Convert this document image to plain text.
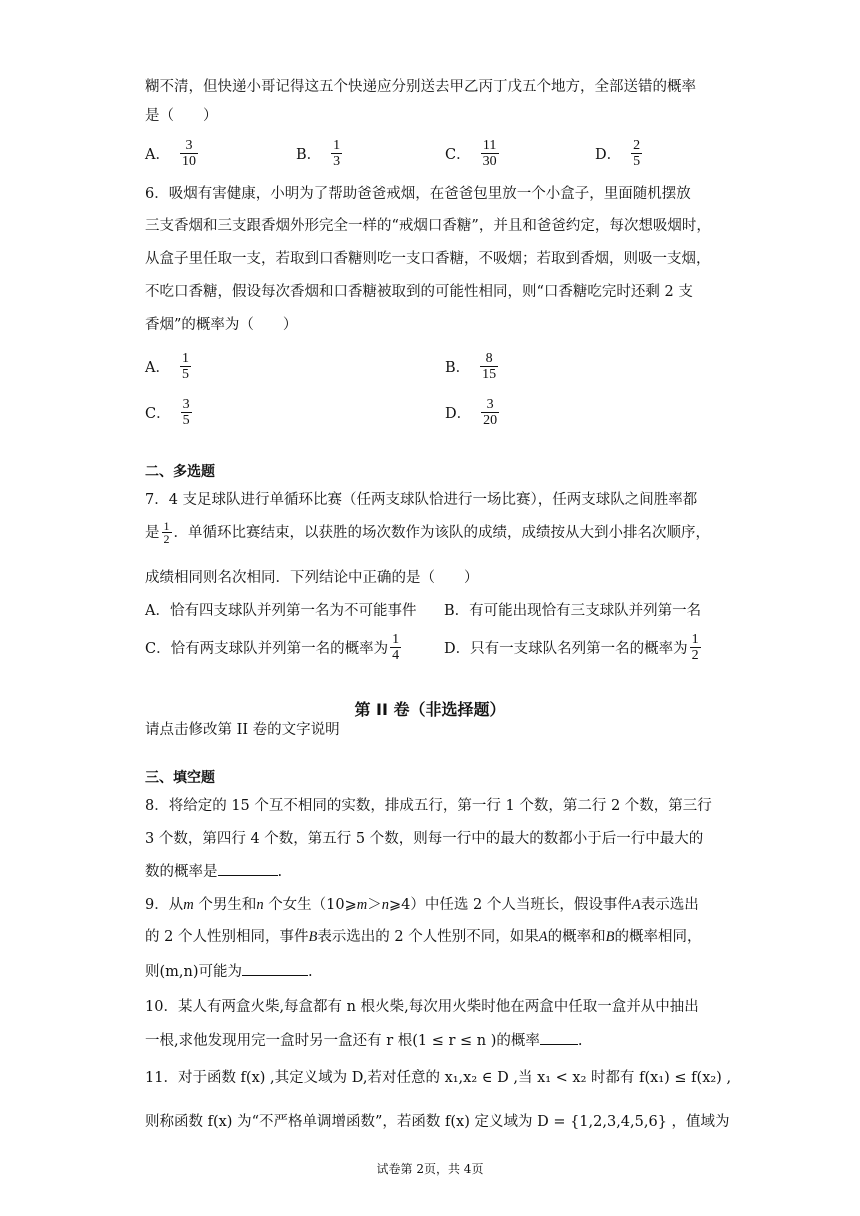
糊不清，但快递小哥记得这五个快递应分别送去甲乙丙丁戊五个地方，全部送错的概率
是（　　）
A． $\frac{3}{10}$	B． $\frac{1}{3}$	C． $\frac{11}{30}$	D． $\frac{2}{5}$
6．吸烟有害健康，小明为了帮助爸爸戒烟，在爸爸包里放一个小盒子，里面随机摆放
三支香烟和三支跟香烟外形完全一样的“戒烟口香糖”，并且和爸爸约定，每次想吸烟时，
从盒子里任取一支，若取到口香糖则吃一支口香糖，不吸烟；若取到香烟，则吸一支烟，
不吃口香糖，假设每次香烟和口香糖被取到的可能性相同，则“口香糖吃完时还剩 2 支
香烟”的概率为（　　）
A． $\frac{1}{5}$	B． $\frac{8}{15}$
C． $\frac{3}{5}$	D． $\frac{3}{20}$
二、多选题
7．4 支足球队进行单循环比赛（任两支球队恰进行一场比赛），任两支球队之间胜率都
是 $\frac{1}{2}$ ．单循环比赛结束，以获胜的场次数作为该队的成绩，成绩按从大到小排名次顺序，
成绩相同则名次相同．下列结论中正确的是（　　）
A．恰有四支球队并列第一名为不可能事件 B．有可能出现恰有三支球队并列第一名
C．恰有两支球队并列第一名的概率为 $\frac{1}{4}$	D．只有一支球队名列第一名的概率为 $\frac{1}{2}$
第 II 卷（非选择题）
请点击修改第 II 卷的文字说明
三、填空题
8．将给定的 15 个互不相同的实数，排成五行，第一行 1 个数，第二行 2 个数，第三行
3 个数，第四行 4 个数，第五行 5 个数，则每一行中的最大的数都小于后一行中最大的
数的概率是	.
9．从m 个男生和n 个女生（10⩾m＞n⩾4）中任选 2 个人当班长，假设事件A表示选出
的 2 个人性别相同，事件B表示选出的 2 个人性别不同，如果A的概率和B的概率相同，
则(m,n)可能为	.
10．某人有两盒火柴,每盒都有 n 根火柴,每次用火柴时他在两盒中任取一盒并从中抽出
一根,求他发现用完一盒时另一盒还有 r 根(1 ≤ r ≤ n )的概率	.
11．对于函数 f(x) ,其定义域为 D,若对任意的 x₁,x₂ ∈ D ,当 x₁ < x₂ 时都有 f(x₁) ≤ f(x₂) ,
则称函数 f(x) 为“不严格单调增函数”，若函数 f(x) 定义域为 D = {1,2,3,4,5,6} ，值域为
试卷第 2页，共 4页
